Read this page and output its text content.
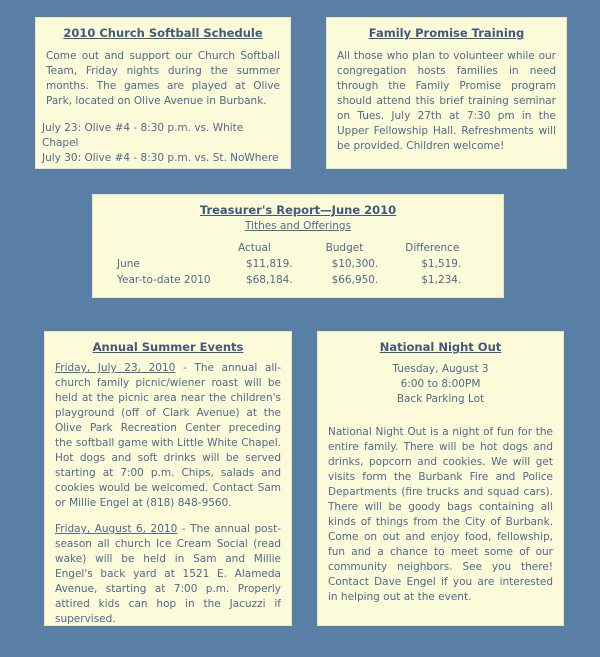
2010 Church Softball Schedule

Come out and support our Church Softball Team, Friday nights during the summer months. The games are played at Olive Park, located on Olive Avenue in Burbank.

July 23: Olive #4 - 8:30 p.m. vs. White Chapel

July 30: Olive #4 - 8:30 p.m. vs. St. NoWhere

Family Promise Training

All those who plan to volunteer while our congregation hosts families in need through the Family Promise program should attend this brief training seminar on Tues. July 27th at 7:30 pm in the Upper Fellowship Hall. Refreshments will be provided. Children welcome!

Treasurer's Report—June 2010
Tithes and Offerings
	Actual	Budget	Difference
June	$11,819.	$10,300.	$1,519.
Year-to-date 2010	$68,184.	$66,950.	$1,234.
Annual Summer Events

Friday, July 23, 2010 - The annual all-church family picnic/wiener roast will be held at the picnic area near the children's playground (off of Clark Avenue) at the Olive Park Recreation Center preceding the softball game with Little White Chapel. Hot dogs and soft drinks will be served starting at 7:00 p.m. Chips, salads and cookies would be welcomed. Contact Sam or Millie Engel at (818) 848-9560.

Friday, August 6, 2010 - The annual post-season all church Ice Cream Social (read wake) will be held in Sam and Millie Engel's back yard at 1521 E. Alameda Avenue, starting at 7:00 p.m. Properly attired kids can hop in the Jacuzzi if supervised.

National Night Out
Tuesday, August 3
6:00 to 8:00PM
Back Parking Lot

National Night Out is a night of fun for the entire family. There will be hot dogs and drinks, popcorn and cookies. We will get visits form the Burbank Fire and Police Departments (fire trucks and squad cars). There will be goody bags containing all kinds of things from the City of Burbank. Come on out and enjoy food, fellowship, fun and a chance to meet some of our community neighbors. See you there! Contact Dave Engel if you are interested in helping out at the event.
